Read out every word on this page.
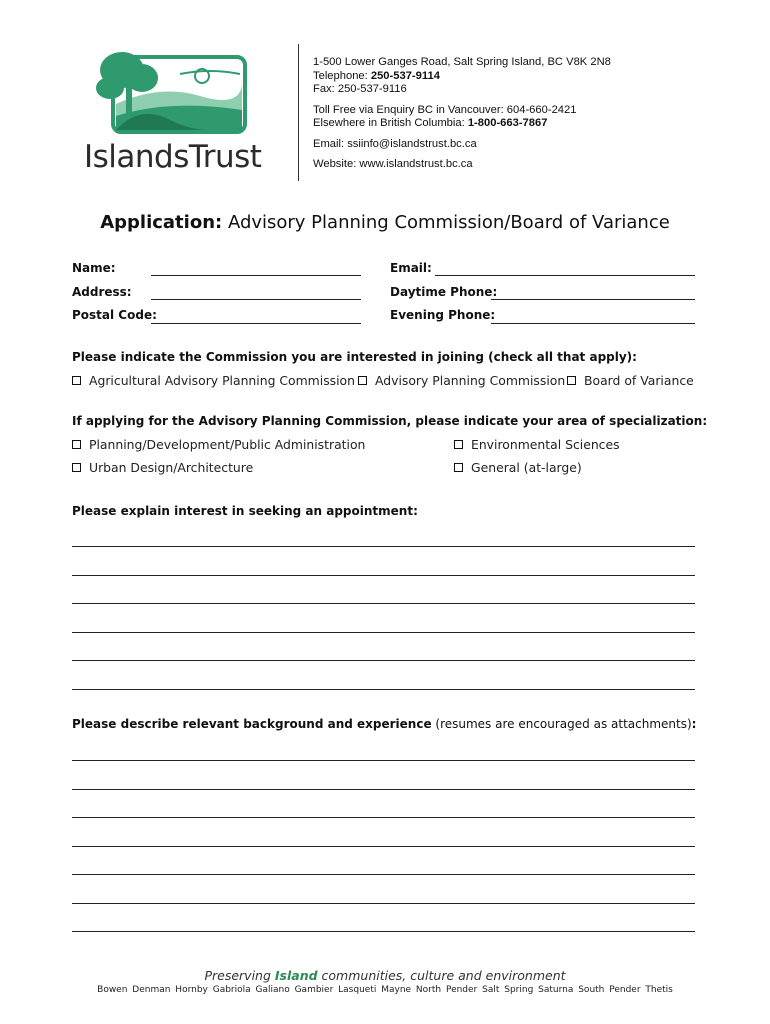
IslandsTrust

1-500 Lower Ganges Road, Salt Spring Island, BC V8K 2N8

Telephone: 250-537-9114

Fax: 250-537-9116

Toll Free via Enquiry BC in Vancouver: 604-660-2421

Elsewhere in British Columbia: 1-800-663-7867

Email: ssiinfo@islandstrust.bc.ca

Website: www.islandstrust.bc.ca

Application: Advisory Planning Commission/Board of Variance
Name:
Address:
Postal Code:
Email:
Daytime Phone:
Evening Phone:
Please indicate the Commission you are interested in joining (check all that apply):
Agricultural Advisory Planning Commission Advisory Planning Commission Board of Variance
If applying for the Advisory Planning Commission, please indicate your area of specialization:
Planning/Development/Public Administration	Environmental Sciences
Urban Design/Architecture	General (at-large)
Please explain interest in seeking an appointment:
Please describe relevant background and experience (resumes are encouraged as attachments):
Preserving Island communities, culture and environment
Bowen Denman Hornby Gabriola Galiano Gambier Lasqueti Mayne North Pender Salt Spring Saturna South Pender Thetis
